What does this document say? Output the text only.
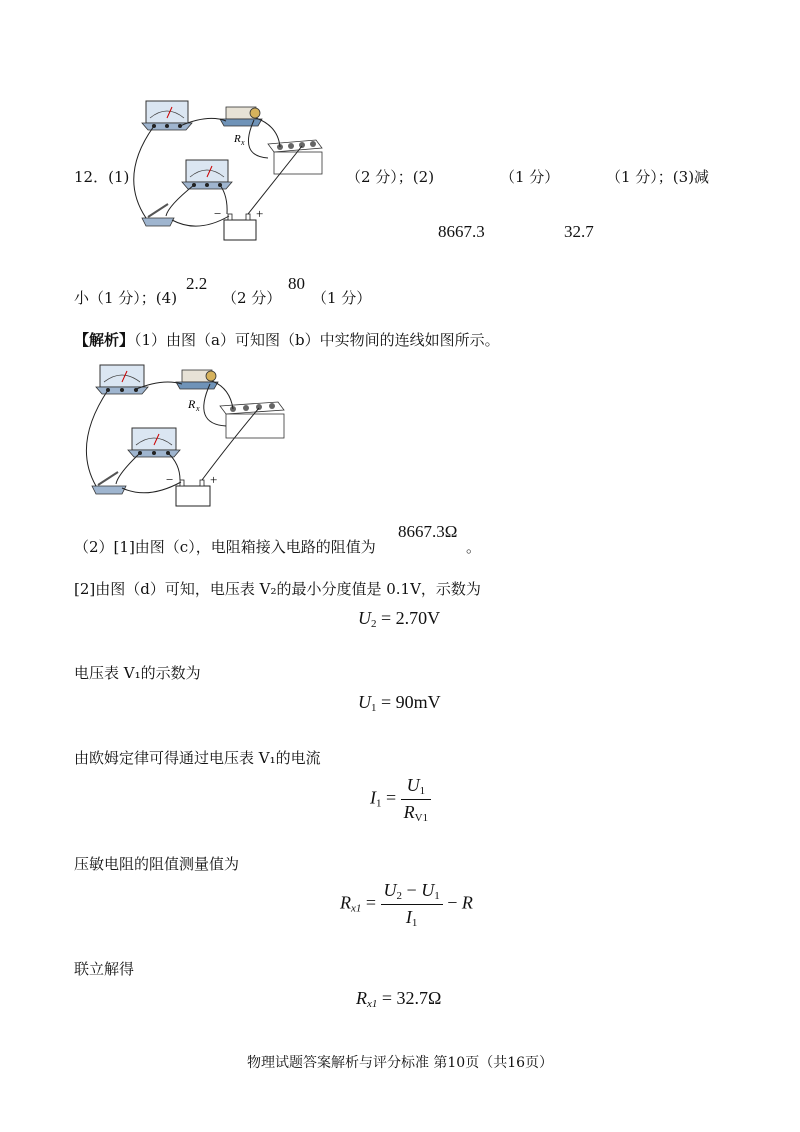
R x
−	+
12．(1)	（2 分）；(2)	（1 分）	（1 分）；(3)减
8667.3	32.7
小（1 分）；(4)
2.2
（2 分）
80
（1 分）
【解析】（1）由图（a）可知图（b）中实物间的连线如图所示。
R x
−	+
（2）[1]由图（c），电阻箱接入电路的阻值为
8667.3Ω
。
[2]由图（d）可知，电压表 V₂的最小分度值是 0.1V，示数为
$U_2 = 2.70V$
电压表 V₁的示数为
$U_1 = 90mV$
由欧姆定律可得通过电压表 V₁的电流
$I_1 = \frac{U_1}{R_{V1}}$
压敏电阻的阻值测量值为
$R_{x1} = \frac{U_2 - U_1}{I_1} - R$
联立解得
$R_{x1} = 32.7\Omega$
物理试题答案解析与评分标准 第10页（共16页）
